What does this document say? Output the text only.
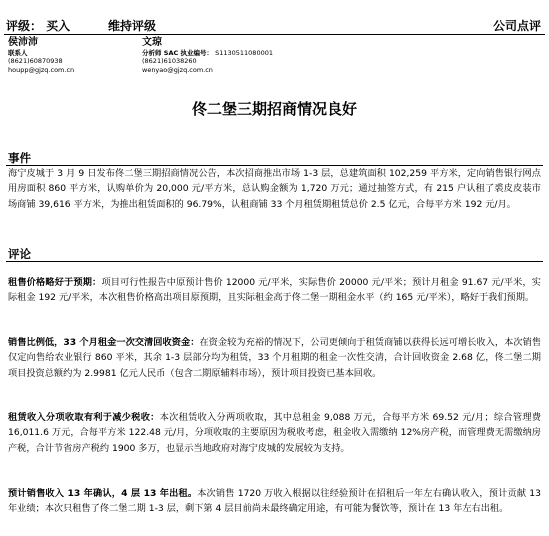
评级： 买入	维持评级	公司点评
侯沛沛
联系人
(8621)60870938
houpp@gjzq.com.cn
文琼
分析师 SAC 执业编号： S1130511080001
(8621)61038260
wenyao@gjzq.com.cn
佟二堡三期招商情况良好
事件

海宁皮城于 3 月 9 日发布佟二堡三期招商情况公告，本次招商推出市场 1-3 层，总建筑面积 102,259 平方米，定向销售银行网点用房面积 860 平方米，认购单价为 20,000 元/平方米，总认购金额为 1,720 万元；通过抽签方式，有 215 户认租了裘皮皮装市场商铺 39,616 平方米，为推出租赁面积的 96.79%，认租商铺 33 个月租赁期租赁总价 2.5 亿元，合每平方米 192 元/月。

评论

租售价格略好于预期：项目可行性报告中原预计售价 12000 元/平米，实际售价 20000 元/平米；预计月租金 91.67 元/平米，实际租金 192 元/平米，本次租售价格高出项目原预期，且实际租金高于佟二堡一期租金水平（约 165 元/平米），略好于我们预期。

销售比例低，33 个月租金一次交清回收资金：在资金较为充裕的情况下，公司更倾向于租赁商铺以获得长远可增长收入，本次销售仅定向售给农业银行 860 平米，其余 1-3 层部分均为租赁，33 个月租期的租金一次性交清，合计回收资金 2.68 亿，佟二堡二期项目投资总额约为 2.9981 亿元人民币（包含二期原辅料市场），预计项目投资已基本回收。

租赁收入分项收取有利于减少税收：本次租赁收入分两项收取，其中总租金 9,088 万元，合每平方米 69.52 元/月；综合管理费 16,011.6 万元，合每平方米 122.48 元/月，分项收取的主要原因为税收考虑，租金收入需缴纳 12%房产税，而管理费无需缴纳房产税，合计节省房产税约 1900 多万，也显示当地政府对海宁皮城的发展较为支持。

预计销售收入 13 年确认，4 层 13 年出租。本次销售 1720 万收入根据以往经验预计在招租后一年左右确认收入，预计贡献 13 年业绩；本次只租售了佟二堡二期 1-3 层，剩下第 4 层目前尚未最终确定用途，有可能为餐饮等，预计在 13 年左右出租。
